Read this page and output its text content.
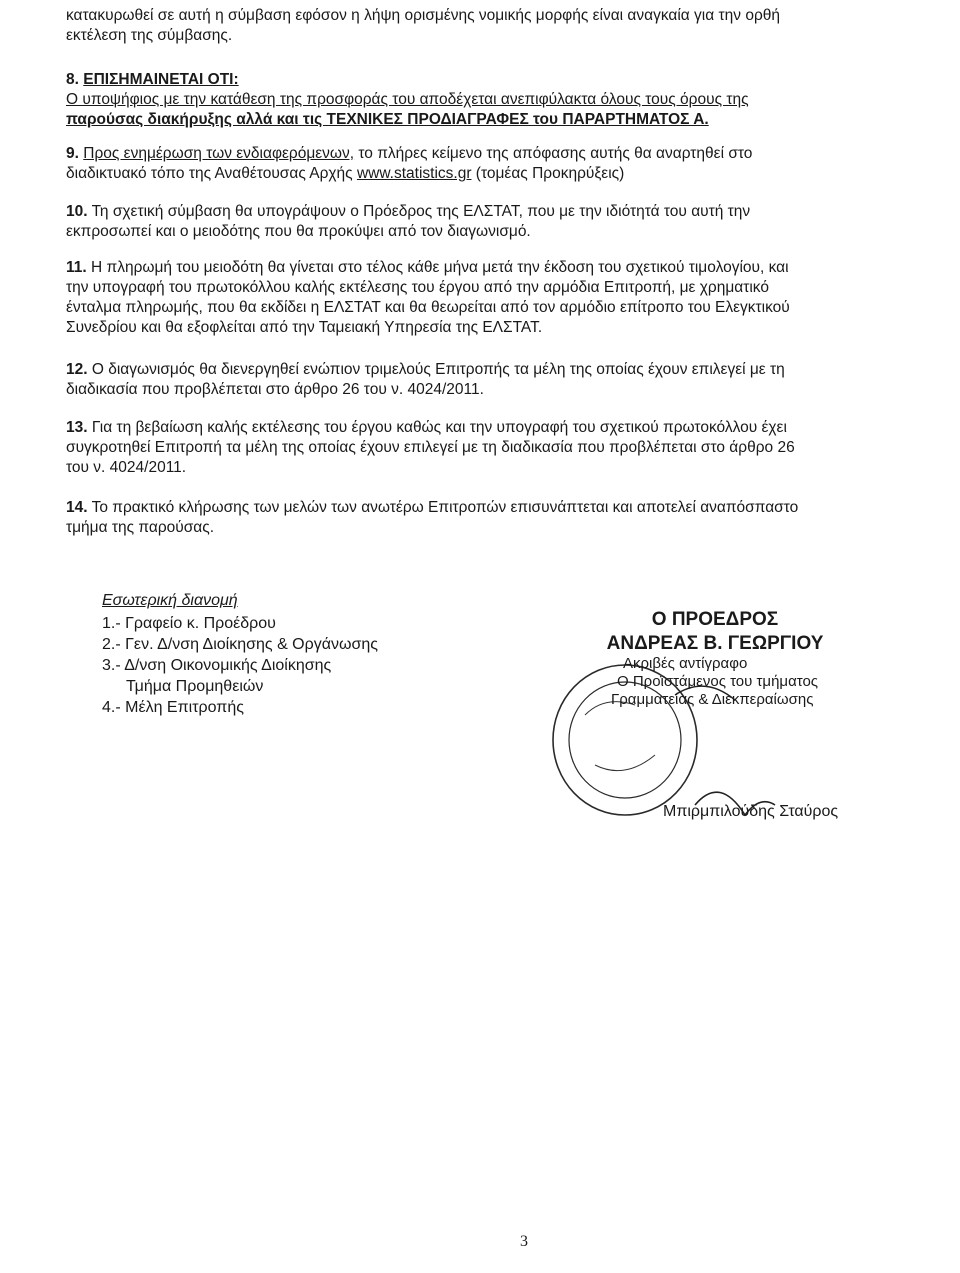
κατακυρωθεί σε αυτή η σύμβαση εφόσον η λήψη ορισμένης νομικής μορφής είναι αναγκαία για την ορθή
εκτέλεση της σύμβασης.
8. ΕΠΙΣΗΜΑΙΝΕΤΑΙ ΟΤΙ:
Ο υποψήφιος με την κατάθεση της προσφοράς του αποδέχεται ανεπιφύλακτα όλους τους όρους της
παρούσας διακήρυξης αλλά και τις ΤΕΧΝΙΚΕΣ ΠΡΟΔΙΑΓΡΑΦΕΣ του ΠΑΡΑΡΤΗΜΑΤΟΣ Α.
9. Προς ενημέρωση των ενδιαφερόμενων, το πλήρες κείμενο της απόφασης αυτής θα αναρτηθεί στο
διαδικτυακό τόπο της Αναθέτουσας Αρχής www.statistics.gr (τομέας Προκηρύξεις)
10. Τη σχετική σύμβαση θα υπογράψουν ο Πρόεδρος της ΕΛΣΤΑΤ, που με την ιδιότητά του αυτή την
εκπροσωπεί και ο μειοδότης που θα προκύψει από τον διαγωνισμό.
11. Η πληρωμή του μειοδότη θα γίνεται στο τέλος κάθε μήνα μετά την έκδοση του σχετικού τιμολογίου, και
την υπογραφή του πρωτοκόλλου καλής εκτέλεσης του έργου από την αρμόδια Επιτροπή, με χρηματικό
ένταλμα πληρωμής, που θα εκδίδει η ΕΛΣΤΑΤ και θα θεωρείται από τον αρμόδιο επίτροπο του Ελεγκτικού
Συνεδρίου και θα εξοφλείται από την Ταμειακή Υπηρεσία της ΕΛΣΤΑΤ.
12. Ο διαγωνισμός θα διενεργηθεί ενώπιον τριμελούς Επιτροπής τα μέλη της οποίας έχουν επιλεγεί με τη
διαδικασία που προβλέπεται στο άρθρο 26 του ν. 4024/2011.
13. Για τη βεβαίωση καλής εκτέλεσης του έργου καθώς και την υπογραφή του σχετικού πρωτοκόλλου έχει
συγκροτηθεί Επιτροπή τα μέλη της οποίας έχουν επιλεγεί με τη διαδικασία που προβλέπεται στο άρθρο 26
του ν. 4024/2011.
14. Το πρακτικό κλήρωσης των μελών των ανωτέρω Επιτροπών επισυνάπτεται και αποτελεί αναπόσπαστο
τμήμα της παρούσας.
Εσωτερική διανομή
1.- Γραφείο κ. Προέδρου
2.- Γεν. Δ/νση Διοίκησης & Οργάνωσης
3.- Δ/νση Οικονομικής Διοίκησης
Τμήμα Προμηθειών
4.- Μέλη Επιτροπής
Ο ΠΡΟΕΔΡΟΣ
ΑΝΔΡΕΑΣ Β. ΓΕΩΡΓΙΟΥ
Ακριβές αντίγραφο
Ο Προϊστάμενος του τμήματος
Γραμματείας & Διεκπεραίωσης
Μπιρμπιλούδης Σταύρος
3
